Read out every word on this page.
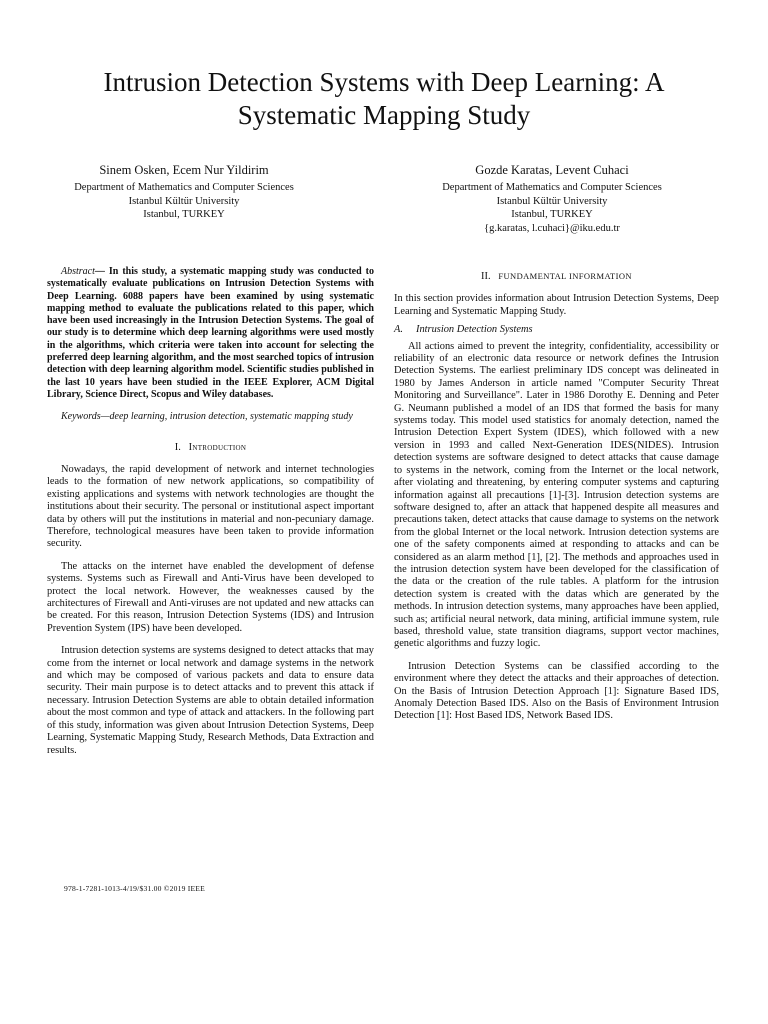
Intrusion Detection Systems with Deep Learning: A
Systematic Mapping Study
Sinem Osken, Ecem Nur Yildirim
Department of Mathematics and Computer Sciences
Istanbul Kültür University
Istanbul, TURKEY
Gozde Karatas, Levent Cuhaci
Department of Mathematics and Computer Sciences
Istanbul Kültür University
Istanbul, TURKEY
{g.karatas, l.cuhaci}@iku.edu.tr

Abstract— In this study, a systematic mapping study was conducted to systematically evaluate publications on Intrusion Detection Systems with Deep Learning. 6088 papers have been examined by using systematic mapping method to evaluate the publications related to this paper, which have been used increasingly in the Intrusion Detection Systems. The goal of our study is to determine which deep learning algorithms were used mostly in the algorithms, which criteria were taken into account for selecting the preferred deep learning algorithm, and the most searched topics of intrusion detection with deep learning algorithm model. Scientific studies published in the last 10 years have been studied in the IEEE Explorer, ACM Digital Library, Science Direct, Scopus and Wiley databases.

Keywords—deep learning, intrusion detection, systematic mapping study

I. Introduction

Nowadays, the rapid development of network and internet technologies leads to the formation of new network applications, so compatibility of existing applications and systems with network technologies are thought the institutions about their security. The personal or institutional aspect important data by others will put the institutions in material and non-pecuniary damage. Therefore, technological measures have been taken to provide information security.

The attacks on the internet have enabled the development of defense systems. Systems such as Firewall and Anti-Virus have been developed to protect the local network. However, the weaknesses caused by the architectures of Firewall and Anti-viruses are not updated and new attacks can be created. For this reason, Intrusion Detection Systems (IDS) and Intrusion Prevention System (IPS) have been developed.

Intrusion detection systems are systems designed to detect attacks that may come from the internet or local network and damage systems in the network and which may be composed of various packets and data to ensure data security. Their main purpose is to detect attacks and to prevent this attack if necessary. Intrusion Detection Systems are able to obtain detailed information about the most common and type of attack and attackers. In the following part of this study, information was given about Intrusion Detection Systems, Deep Learning, Systematic Mapping Study, Research Methods, Data Extraction and results.

II. FUNDAMENTAL INFORMATION

In this section provides information about Intrusion Detection Systems, Deep Learning and Systematic Mapping Study.

A. Intrusion Detection Systems

All actions aimed to prevent the integrity, confidentiality, accessibility or reliability of an electronic data resource or network defines the Intrusion Detection Systems. The earliest preliminary IDS concept was delineated in 1980 by James Anderson in article named "Computer Security Threat Monitoring and Surveillance". Later in 1986 Dorothy E. Denning and Peter G. Neumann published a model of an IDS that formed the basis for many systems today. This model used statistics for anomaly detection, named the Intrusion Detection Expert System (IDES), which followed with a new version in 1993 and called Next-Generation IDES(NIDES). Intrusion detection systems are software designed to detect attacks that cause damage to systems in the network, coming from the Internet or the local network, after violating and threatening, by entering computer systems and capturing information against all precautions [1]-[3]. Intrusion detection systems are software designed to, after an attack that happened despite all measures and precautions taken, detect attacks that cause damage to systems on the network from the global Internet or the local network. Intrusion detection systems are one of the safety components aimed at responding to attacks and can be considered as an alarm method [1], [2]. The methods and approaches used in the intrusion detection system have been developed for the classification of the data or the creation of the rule tables. A platform for the intrusion detection system is created with the datas which are generated by the methods. In intrusion detection systems, many approaches have been applied, such as; artificial neural network, data mining, artificial immune system, rule based, threshold value, state transition diagrams, support vector machines, genetic algorithms and fuzzy logic.

Intrusion Detection Systems can be classified according to the environment where they detect the attacks and their approaches of detection. On the Basis of Intrusion Detection Approach [1]: Signature Based IDS, Anomaly Detection Based IDS. Also on the Basis of Environment Intrusion Detection [1]: Host Based IDS, Network Based IDS.

978-1-7281-1013-4/19/$31.00 ©2019 IEEE
